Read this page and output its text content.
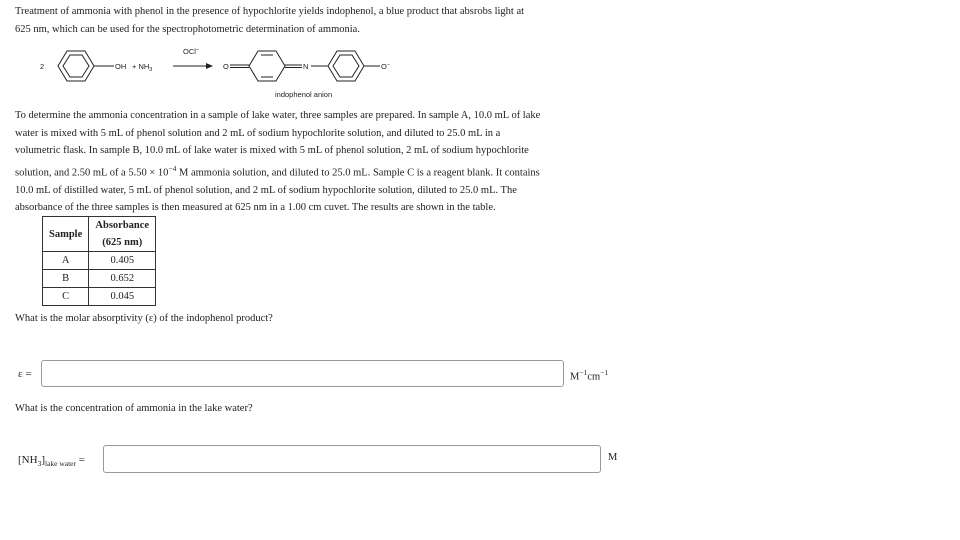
Treatment of ammonia with phenol in the presence of hypochlorite yields indophenol, a blue product that absrobs light at
625 nm, which can be used for the spectrophotometric determination of ammonia.
2	OH + $NH_3$
OCl−
O	N	O−
indophenol anion
To determine the ammonia concentration in a sample of lake water, three samples are prepared. In sample A, 10.0 mL of lake
water is mixed with 5 mL of phenol solution and 2 mL of sodium hypochlorite solution, and diluted to 25.0 mL in a
volumetric flask. In sample B, 10.0 mL of lake water is mixed with 5 mL of phenol solution, 2 mL of sodium hypochlorite
solution, and 2.50 mL of a $5.50 \times 10^{-4}$ M ammonia solution, and diluted to 25.0 mL. Sample C is a reagent blank. It contains
10.0 mL of distilled water, 5 mL of phenol solution, and 2 mL of sodium hypochlorite solution, diluted to 25.0 mL. The
absorbance of the three samples is then measured at 625 nm in a 1.00 cm cuvet. The results are shown in the table.
Sample	Absorbance
(625 nm)

A	0.405
B	0.652
C	0.045
What is the molar absorptivity (ε) of the indophenol product?
ε =	$M^{-1}cm^{-1}$
What is the concentration of ammonia in the lake water?
$[NH_3]_{lake water}$ =	M
